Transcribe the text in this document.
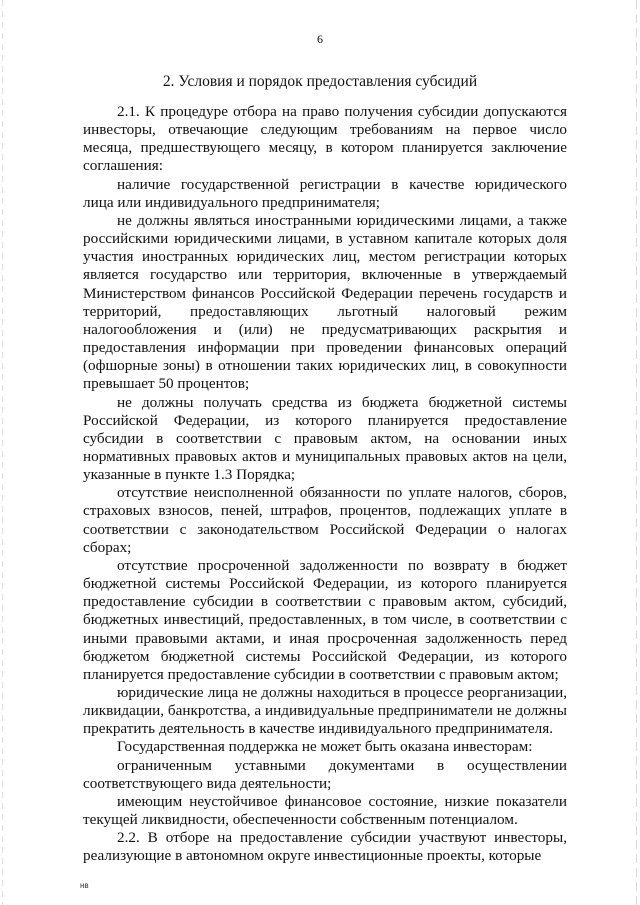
6
2. Условия и порядок предоставления субсидий

2.1. К процедуре отбора на право получения субсидии допускаются инвесторы, отвечающие следующим требованиям на первое число месяца, предшествующего месяцу, в котором планируется заключение соглашения:

наличие государственной регистрации в качестве юридического лица или индивидуального предпринимателя;

не должны являться иностранными юридическими лицами, а также российскими юридическими лицами, в уставном капитале которых доля участия иностранных юридических лиц, местом регистрации которых является государство или территория, включенные в утверждаемый Министерством финансов Российской Федерации перечень государств и территорий, предоставляющих льготный налоговый режим налогообложения и (или) не предусматривающих раскрытия и предоставления информации при проведении финансовых операций (офшорные зоны) в отношении таких юридических лиц, в совокупности превышает 50 процентов;

не должны получать средства из бюджета бюджетной системы Российской Федерации, из которого планируется предоставление субсидии в соответствии с правовым актом, на основании иных нормативных правовых актов и муниципальных правовых актов на цели, указанные в пункте 1.3 Порядка;

отсутствие неисполненной обязанности по уплате налогов, сборов, страховых взносов, пеней, штрафов, процентов, подлежащих уплате в соответствии с законодательством Российской Федерации о налогах сборах;

отсутствие просроченной задолженности по возврату в бюджет бюджетной системы Российской Федерации, из которого планируется предоставление субсидии в соответствии с правовым актом, субсидий, бюджетных инвестиций, предоставленных, в том числе, в соответствии с иными правовыми актами, и иная просроченная задолженность перед бюджетом бюджетной системы Российской Федерации, из которого планируется предоставление субсидии в соответствии с правовым актом;

юридические лица не должны находиться в процессе реорганизации, ликвидации, банкротства, а индивидуальные предприниматели не должны прекратить деятельность в качестве индивидуального предпринимателя.

Государственная поддержка не может быть оказана инвесторам:

ограниченным уставными документами в осуществлении соответствующего вида деятельности;

имеющим неустойчивое финансовое состояние, низкие показатели текущей ликвидности, обеспеченности собственным потенциалом.

2.2. В отборе на предоставление субсидии участвуют инвесторы, реализующие в автономном округе инвестиционные проекты, которые

нв
